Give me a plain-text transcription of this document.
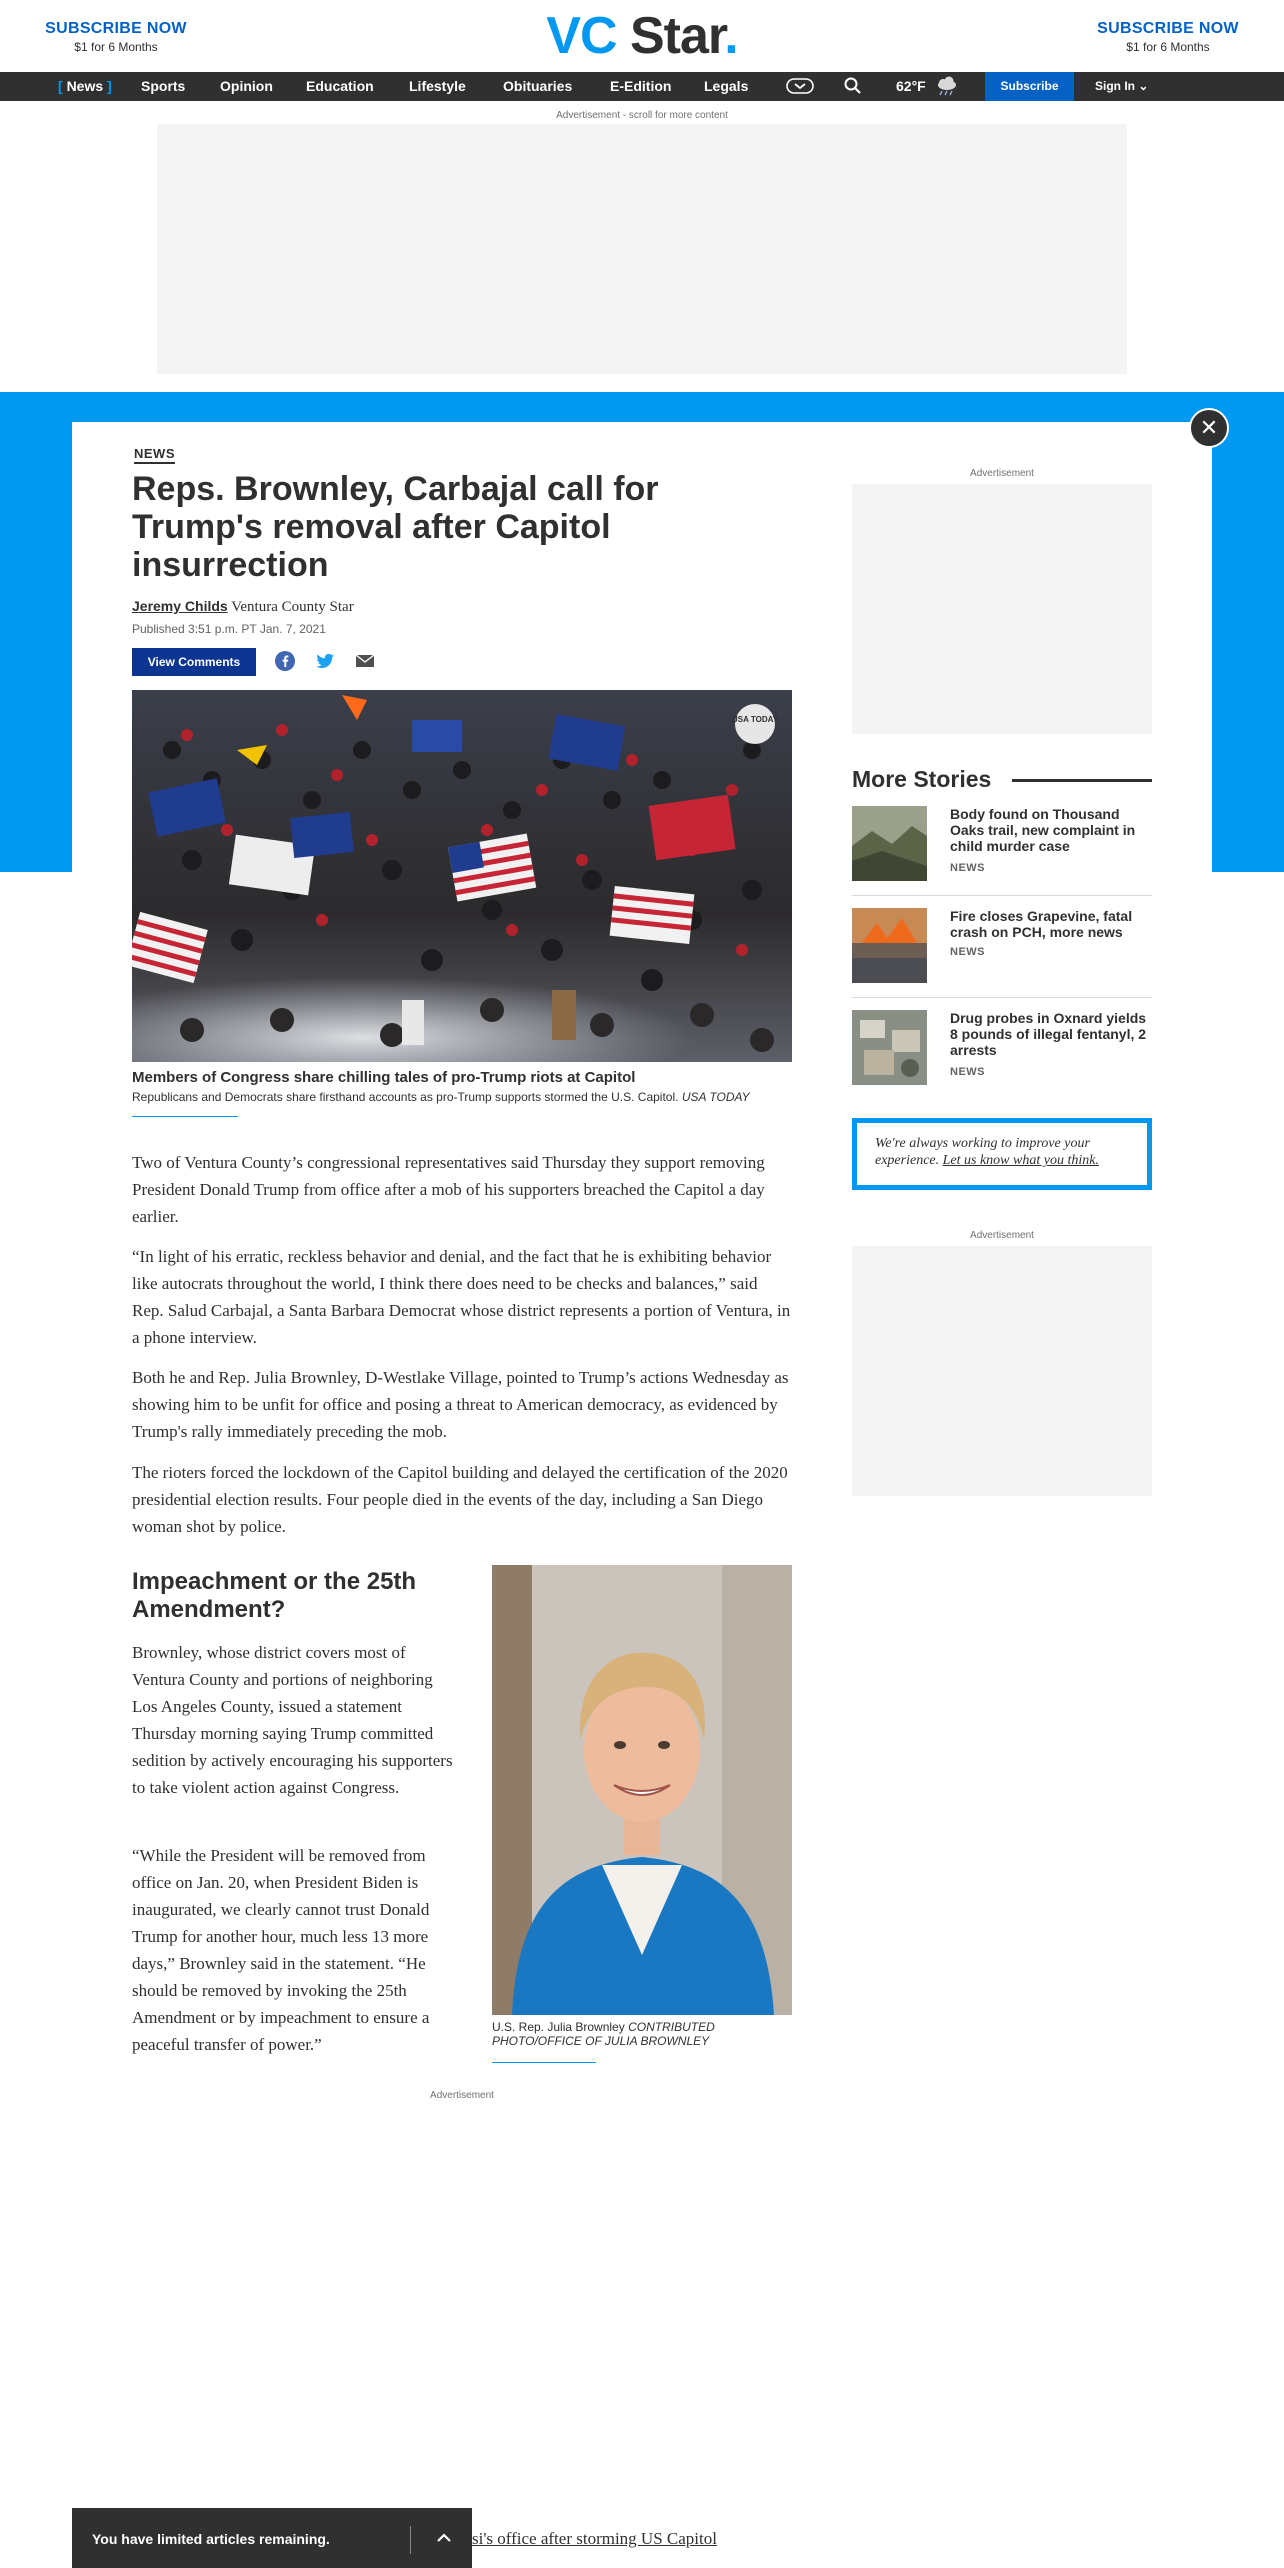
SUBSCRIBE NOW
$1 for 6 Months	VC Star.	SUBSCRIBE NOW
$1 for 6 Months
[ News ] Sports Opinion Education	Lifestyle	Obituaries	E-Edition Legals	62°F	Subscribe	Sign In ⌄
Advertisement - scroll for more content
✕
NEWS
Reps. Brownley, Carbajal call for Trump's removal after Capitol insurrection
Jeremy Childs Ventura County Star
Published 3:51 p.m. PT Jan. 7, 2021
View Comments
USA TODAY
Members of Congress share chilling tales of pro-Trump riots at Capitol
Republicans and Democrats share firsthand accounts as pro-Trump supports stormed the U.S. Capitol. USA TODAY

Two of Ventura County’s congressional representatives said Thursday they support removing President Donald Trump from office after a mob of his supporters breached the Capitol a day earlier.

“In light of his erratic, reckless behavior and denial, and the fact that he is exhibiting behavior like autocrats throughout the world, I think there does need to be checks and balances,” said Rep. Salud Carbajal, a Santa Barbara Democrat whose district represents a portion of Ventura, in a phone interview.

Both he and Rep. Julia Brownley, D-Westlake Village, pointed to Trump’s actions Wednesday as showing him to be unfit for office and posing a threat to American democracy, as evidenced by Trump's rally immediately preceding the mob.

The rioters forced the lockdown of the Capitol building and delayed the certification of the 2020 presidential election results. Four people died in the events of the day, including a San Diego woman shot by police.

Impeachment or the 25th Amendment?

Brownley, whose district covers most of Ventura County and portions of neighboring Los Angeles County, issued a statement Thursday morning saying Trump committed sedition by actively encouraging his supporters to take violent action against Congress.

“While the President will be removed from office on Jan. 20, when President Biden is inaugurated, we clearly cannot trust Donald Trump for another hour, much less 13 more days,” Brownley said in the statement. “He should be removed by invoking the 25th Amendment or by impeachment to ensure a peaceful transfer of power.”

U.S. Rep. Julia Brownley CONTRIBUTED PHOTO/OFFICE OF JULIA BROWNLEY
Advertisement
Advertisement
More Stories
Body found on Thousand Oaks trail, new complaint in child murder case
NEWS
Fire closes Grapevine, fatal crash on PCH, more news
NEWS
Drug probes in Oxnard yields 8 pounds of illegal fentanyl, 2 arrests
NEWS
We're always working to improve your experience. Let us know what you think.
Advertisement
si's office after storming US Capitol
You have limited articles remaining.
